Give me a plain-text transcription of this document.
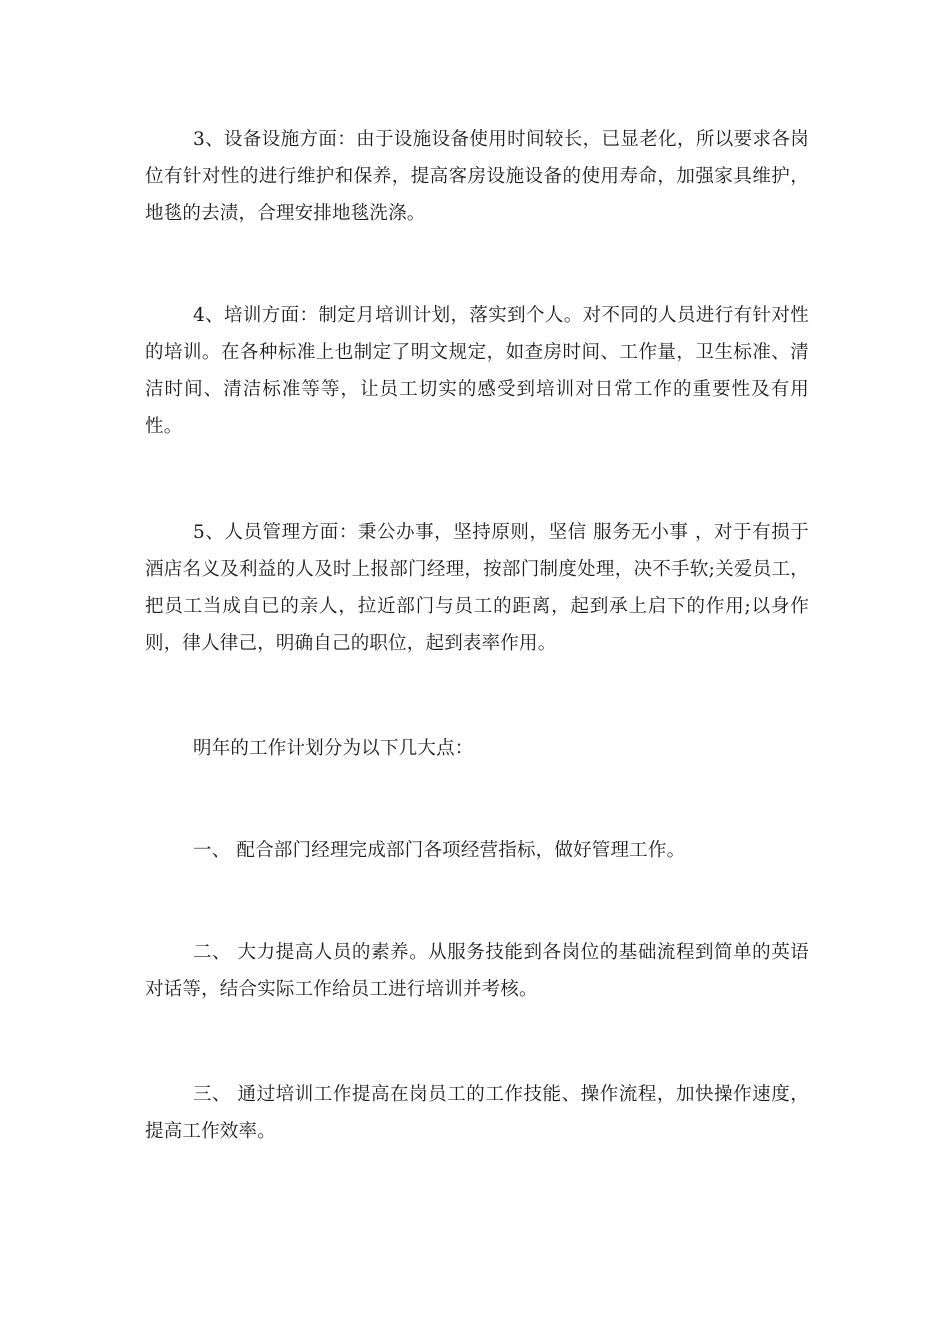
3、设备设施方面：由于设施设备使用时间较长，已显老化，所以要求各岗位有针对性的进行维护和保养，提高客房设施设备的使用寿命，加强家具维护，地毯的去渍，合理安排地毯洗涤。

4、培训方面：制定月培训计划，落实到个人。对不同的人员进行有针对性的培训。在各种标准上也制定了明文规定，如查房时间、工作量，卫生标准、清洁时间、清洁标准等等，让员工切实的感受到培训对日常工作的重要性及有用性。

5、人员管理方面：秉公办事，坚持原则，坚信 服务无小事 ，对于有损于酒店名义及利益的人及时上报部门经理，按部门制度处理，决不手软;关爱员工，把员工当成自已的亲人，拉近部门与员工的距离，起到承上启下的作用;以身作则，律人律己，明确自己的职位，起到表率作用。

明年的工作计划分为以下几大点：

一、 配合部门经理完成部门各项经营指标，做好管理工作。

二、 大力提高人员的素养。从服务技能到各岗位的基础流程到简单的英语对话等，结合实际工作给员工进行培训并考核。

三、 通过培训工作提高在岗员工的工作技能、操作流程，加快操作速度，提高工作效率。
